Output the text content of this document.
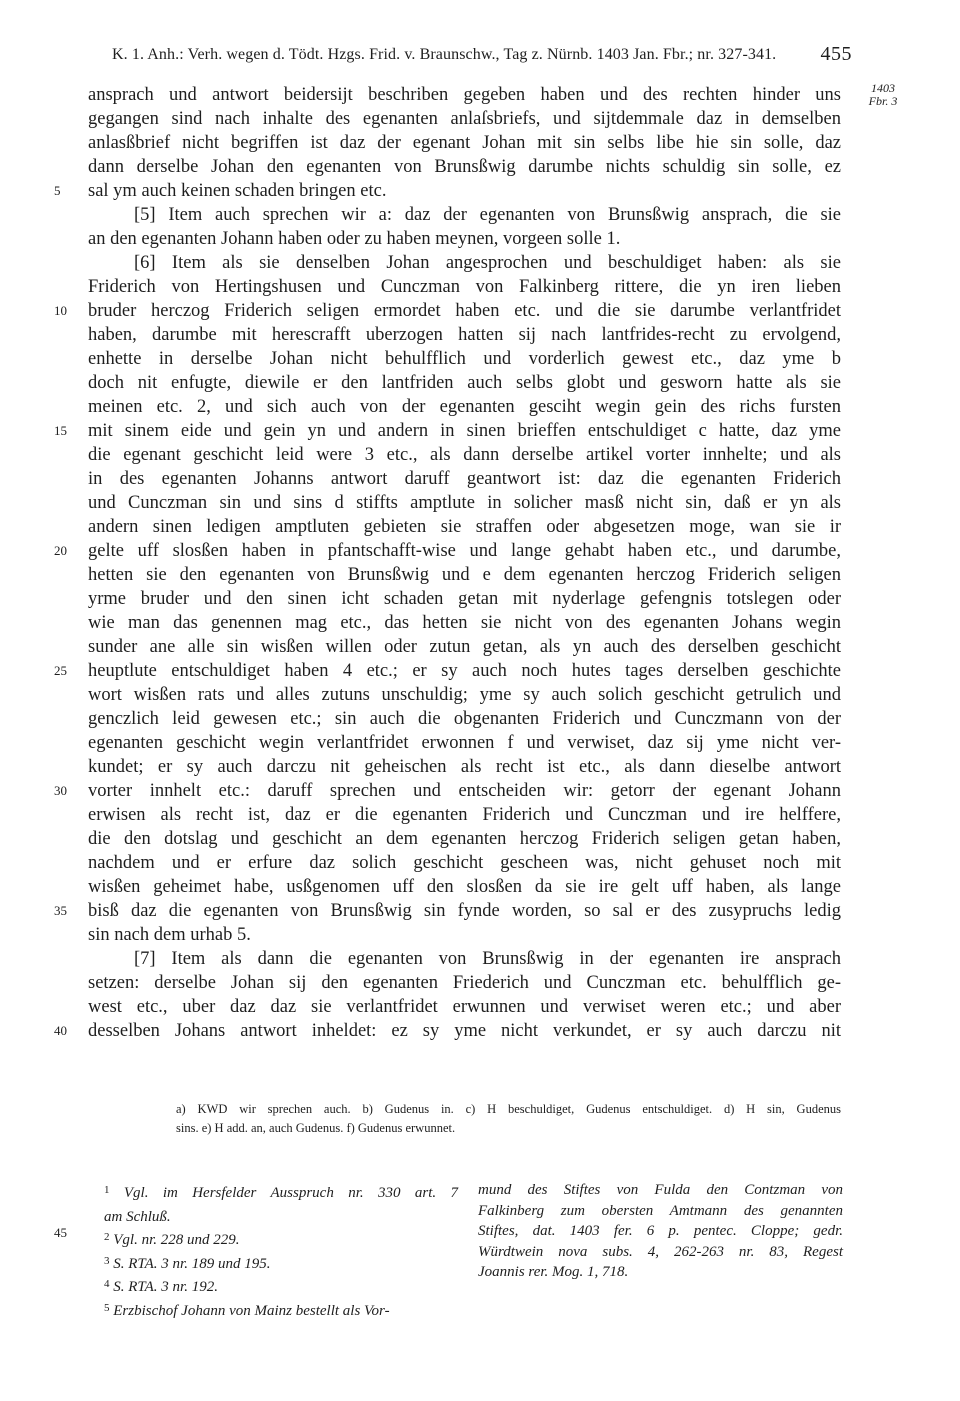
K. 1. Anh.: Verh. wegen d. Tödt. Hzgs. Frid. v. Braunschw., Tag z. Nürnb. 1403 Jan. Fbr.; nr. 327-341. 455
1403
Fbr. 3
ansprach und antwort beidersijt beschriben gegeben haben und des rechten hinder uns
gegangen sind nach inhalte des egenanten anlaſsbriefs, und sijtdemmale daz in demselben
anlasßbrief nicht begriffen ist daz der egenant Johan mit sin selbs libe hie sin solle, daz
dann derselbe Johan den egenanten von Brunsßwig darumbe nichts schuldig sin solle, ez
5	sal ym auch keinen schaden bringen etc.
[5] Item auch sprechen wir a: daz der egenanten von Brunsßwig ansprach, die sie
an den egenanten Johann haben oder zu haben meynen, vorgeen solle 1.
[6] Item als sie denselben Johan angesprochen und beschuldiget haben: als sie
Friderich von Hertingshusen und Cunczman von Falkinberg rittere, die yn iren lieben
10	bruder herczog Friderich seligen ermordet haben etc. und die sie darumbe verlantfridet
haben, darumbe mit herescrafft uberzogen hatten sij nach lantfrides-recht zu ervolgend,
enhette in derselbe Johan nicht behulfflich und vorderlich gewest etc., daz yme b
doch nit enfugte, diewile er den lantfriden auch selbs globt und gesworn hatte als sie
meinen etc. 2, und sich auch von der egenanten gesciht wegin gein des richs fursten
15	mit sinem eide und gein yn und andern in sinen brieffen entschuldiget c hatte, daz yme
die egenant geschicht leid were 3 etc., als dann derselbe artikel vorter innhelte; und als
in des egenanten Johanns antwort daruff geantwort ist: daz die egenanten Friderich
und Cunczman sin und sins d stiffts amptlute in solicher masß nicht sin, daß er yn als
andern sinen ledigen amptluten gebieten sie straffen oder abgesetzen moge, wan sie ir
20	gelte uff slosßen haben in pfantschafft-wise und lange gehabt haben etc., und darumbe,
hetten sie den egenanten von Brunsßwig und e dem egenanten herczog Friderich seligen
yrme bruder und den sinen icht schaden getan mit nyderlage gefengnis totslegen oder
wie man das genennen mag etc., das hetten sie nicht von des egenanten Johans wegin
sunder ane alle sin wisßen willen oder zutun getan, als yn auch des derselben geschicht
25	heuptlute entschuldiget haben 4 etc.; er sy auch noch hutes tages derselben geschichte
wort wisßen rats und alles zutuns unschuldig; yme sy auch solich geschicht getrulich und
genczlich leid gewesen etc.; sin auch die obgenanten Friderich und Cunczmann von der
egenanten geschicht wegin verlantfridet erwonnen f und verwiset, daz sij yme nicht ver-
kundet; er sy auch darczu nit geheischen als recht ist etc., als dann dieselbe antwort
30	vorter innhelt etc.: daruff sprechen und entscheiden wir: getorr der egenant Johann
erwisen als recht ist, daz er die egenanten Friderich und Cunczman und ire helffere,
die den dotslag und geschicht an dem egenanten herczog Friderich seligen getan haben,
nachdem und er erfure daz solich geschicht gescheen was, nicht gehuset noch mit
wisßen geheimet habe, usßgenomen uff den slosßen da sie ire gelt uff haben, als lange
35	bisß daz die egenanten von Brunsßwig sin fynde worden, so sal er des zusypruchs ledig
sin nach dem urhab 5.
[7] Item als dann die egenanten von Brunsßwig in der egenanten ire ansprach
setzen: derselbe Johan sij den egenanten Friederich und Cunczman etc. behulfflich ge-
west etc., uber daz daz sie verlantfridet erwunnen und verwiset weren etc.; und aber
40	desselben Johans antwort inheldet: ez sy yme nicht verkundet, er sy auch darczu nit
a) KWD wir sprechen auch. b) Gudenus in. c) H beschuldiget, Gudenus entschuldiget. d) H sin, Gudenus
sins. e) H add. an, auch Gudenus. f) Gudenus erwunnet.
45
$^1$ Vgl. im Hersfelder Ausspruch nr. 330 art. 7
am Schluß.
$^2$ Vgl. nr. 228 und 229.
$^3$ S. RTA. 3 nr. 189 und 195.
$^4$ S. RTA. 3 nr. 192.
$^5$ Erzbischof Johann von Mainz bestellt als Vor-
mund des Stiftes von Fulda den Contzman von
Falkinberg zum obersten Amtmann des genannten
Stiftes, dat. 1403 fer. 6 p. pentec. Cloppe; gedr.
Würdtwein nova subs. 4, 262-263 nr. 83, Regest
Joannis rer. Mog. 1, 718.
